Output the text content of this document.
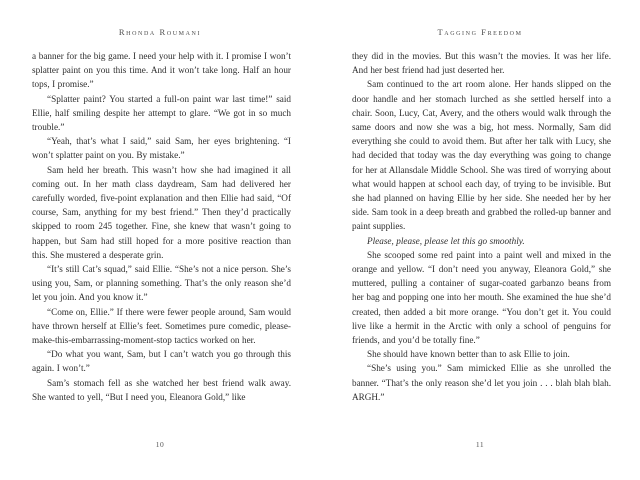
Rhonda Roumani

a banner for the big game. I need your help with it. I promise I won’t splatter paint on you this time. And it won’t take long. Half an hour tops, I promise.”

“Splatter paint? You started a full-on paint war last time!” said Ellie, half smiling despite her attempt to glare. “We got in so much trouble.”

“Yeah, that’s what I said,” said Sam, her eyes brightening. “I won’t splatter paint on you. By mistake.”

Sam held her breath. This wasn’t how she had imagined it all coming out. In her math class daydream, Sam had delivered her carefully worded, five-point explanation and then Ellie had said, “Of course, Sam, anything for my best friend.” Then they’d practically skipped to room 245 together. Fine, she knew that wasn’t going to happen, but Sam had still hoped for a more positive reaction than this. She mustered a desperate grin.

“It’s still Cat’s squad,” said Ellie. “She’s not a nice person. She’s using you, Sam, or planning something. That’s the only reason she’d let you join. And you know it.”

“Come on, Ellie.” If there were fewer people around, Sam would have thrown herself at Ellie’s feet. Sometimes pure comedic, please-make-this-embarrassing-moment-stop tactics worked on her.

“Do what you want, Sam, but I can’t watch you go through this again. I won’t.”

Sam’s stomach fell as she watched her best friend walk away. She wanted to yell, “But I need you, Eleanora Gold,” like

10
Tagging Freedom

they did in the movies. But this wasn’t the movies. It was her life. And her best friend had just deserted her.

Sam continued to the art room alone. Her hands slipped on the door handle and her stomach lurched as she settled herself into a chair. Soon, Lucy, Cat, Avery, and the others would walk through the same doors and now she was a big, hot mess. Normally, Sam did everything she could to avoid them. But after her talk with Lucy, she had decided that today was the day everything was going to change for her at Allansdale Middle School. She was tired of worrying about what would happen at school each day, of trying to be invisible. But she had planned on having Ellie by her side. She needed her by her side. Sam took in a deep breath and grabbed the rolled-up banner and paint supplies.

Please, please, please let this go smoothly.

She scooped some red paint into a paint well and mixed in the orange and yellow. “I don’t need you anyway, Eleanora Gold,” she muttered, pulling a container of sugar-coated garbanzo beans from her bag and popping one into her mouth. She examined the hue she’d created, then added a bit more orange. “You don’t get it. You could live like a hermit in the Arctic with only a school of penguins for friends, and you’d be totally fine.”

She should have known better than to ask Ellie to join.

“She’s using you.” Sam mimicked Ellie as she unrolled the banner. “That’s the only reason she’d let you join . . . blah blah blah. ARGH.”

11
